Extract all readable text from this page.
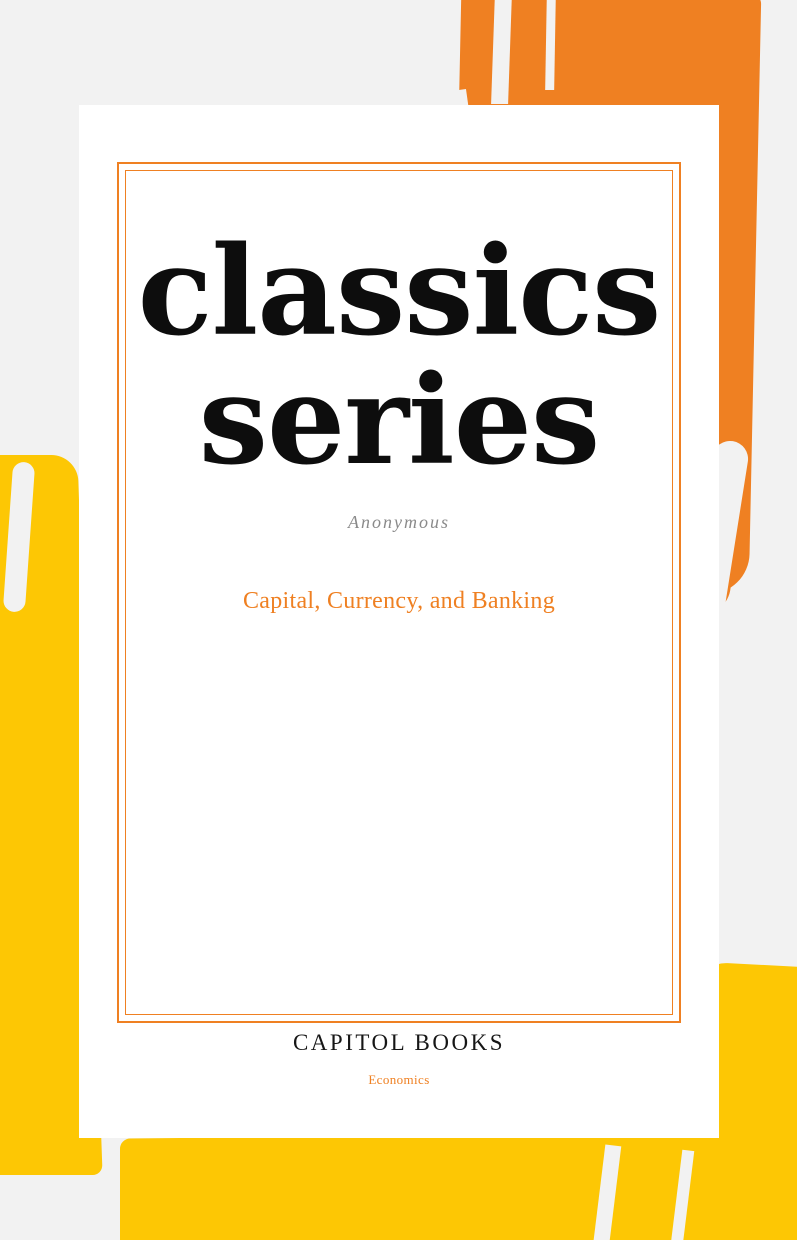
classics
series
Anonymous
Capital, Currency, and Banking
CAPITOL BOOKS
Economics
